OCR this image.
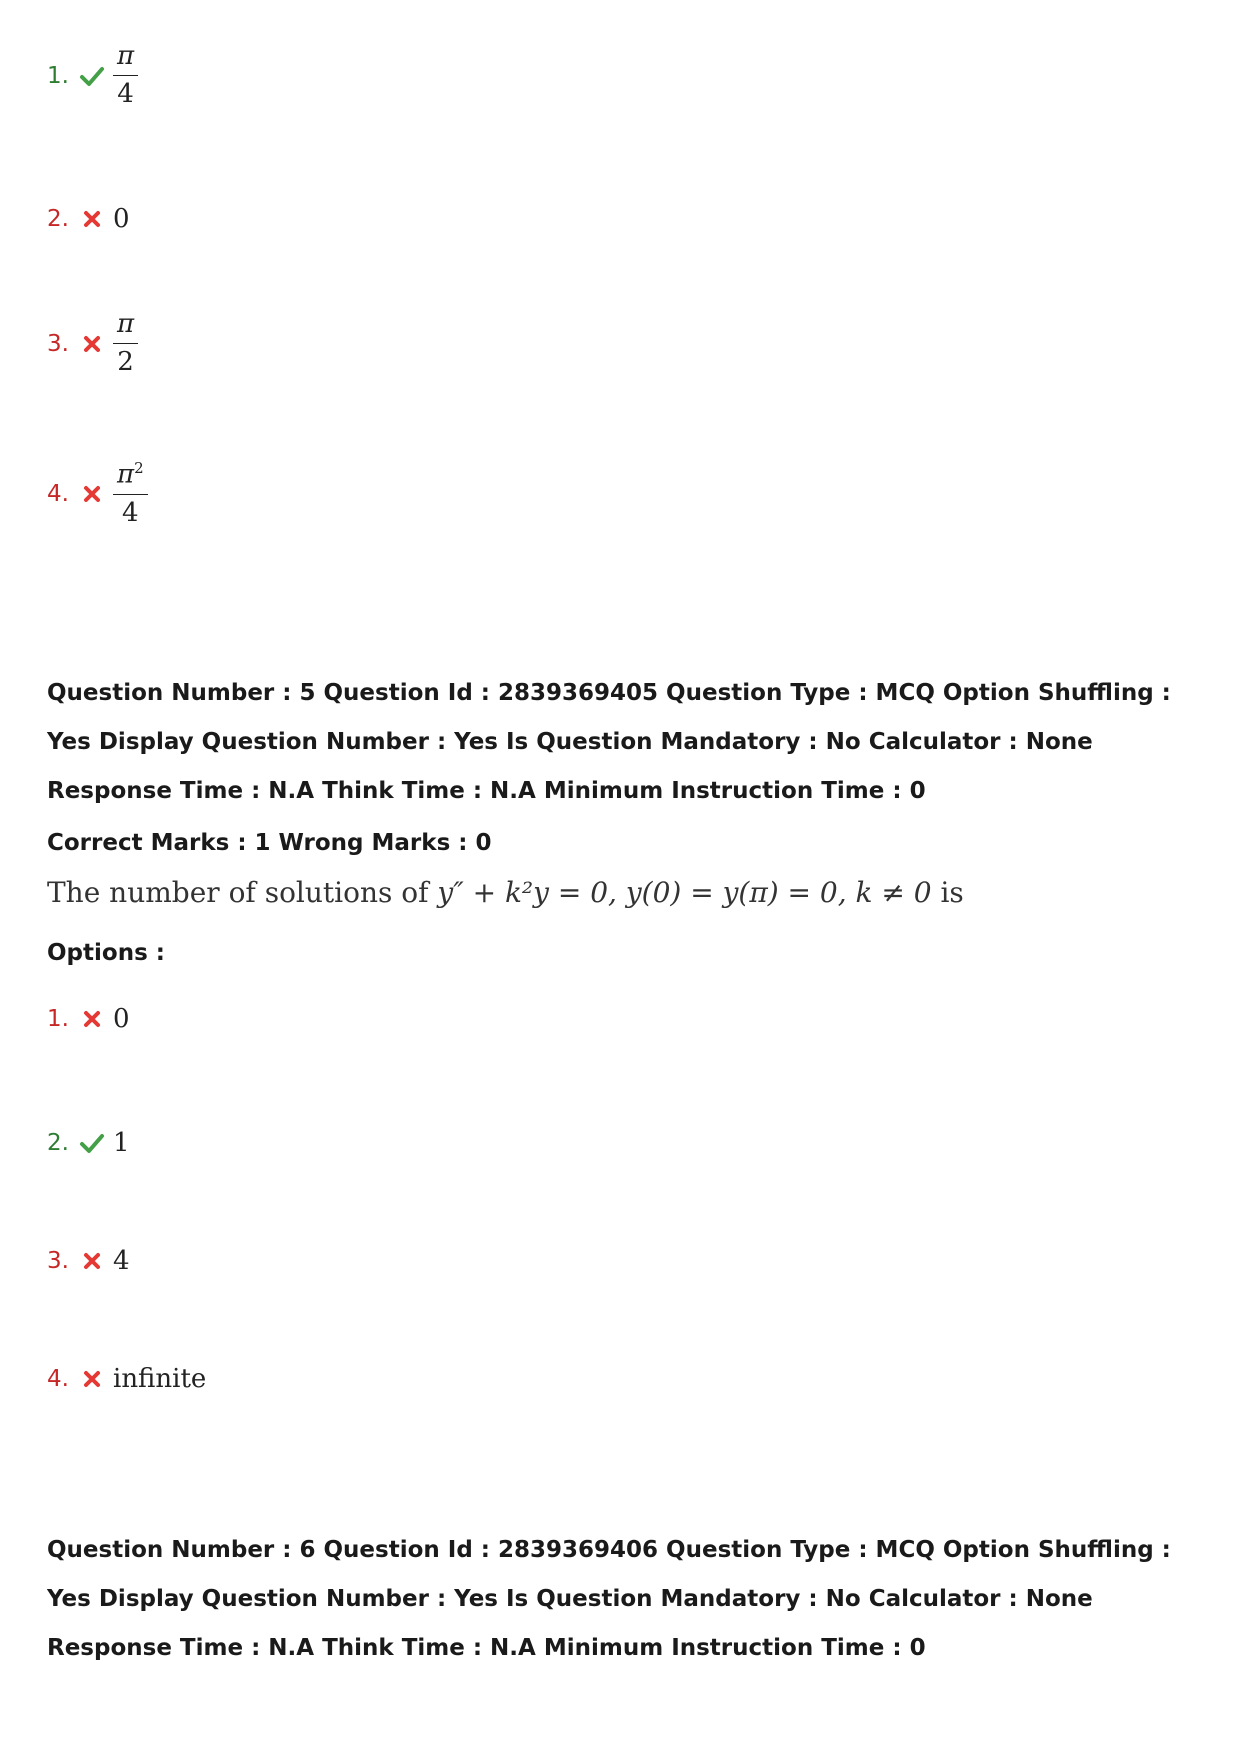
1.	$\frac{\pi}{4}$
2.	0
3.	$\frac{\pi}{2}$
4.	$\frac{\pi^2}{4}$
Question Number : 5 Question Id : 2839369405 Question Type : MCQ Option Shuffling : Yes Display Question Number : Yes Is Question Mandatory : No Calculator : None Response Time : N.A Think Time : N.A Minimum Instruction Time : 0
Correct Marks : 1 Wrong Marks : 0
The number of solutions of y″ + k²y = 0, y(0) = y(π) = 0, k ≠ 0 is
Options :
1.	0
2.	1
3.	4
4.	infinite
Question Number : 6 Question Id : 2839369406 Question Type : MCQ Option Shuffling : Yes Display Question Number : Yes Is Question Mandatory : No Calculator : None Response Time : N.A Think Time : N.A Minimum Instruction Time : 0
